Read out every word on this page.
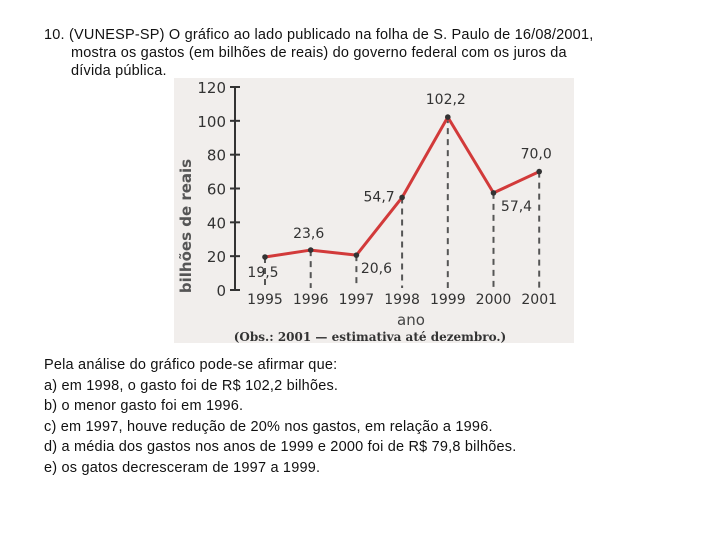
10. (VUNESP-SP) O gráfico ao lado publicado na folha de S. Paulo de 16/08/2001,
mostra os gastos (em bilhões de reais) do governo federal com os juros da
dívida pública.
0
20
40
60
80
100
120
19,5
23,6
20,6
54,7
102,2
57,4
70,0
1995 1996 1997 1998 1999 2000 2001
bilhões de reais
ano
(Obs.: 2001 — estimativa até dezembro.)
Pela análise do gráfico pode-se afirmar que:
a) em 1998, o gasto foi de R$ 102,2 bilhões.
b) o menor gasto foi em 1996.
c) em 1997, houve redução de 20% nos gastos, em relação a 1996.
d) a média dos gastos nos anos de 1999 e 2000 foi de R$ 79,8 bilhões.
e) os gatos decresceram de 1997 a 1999.
